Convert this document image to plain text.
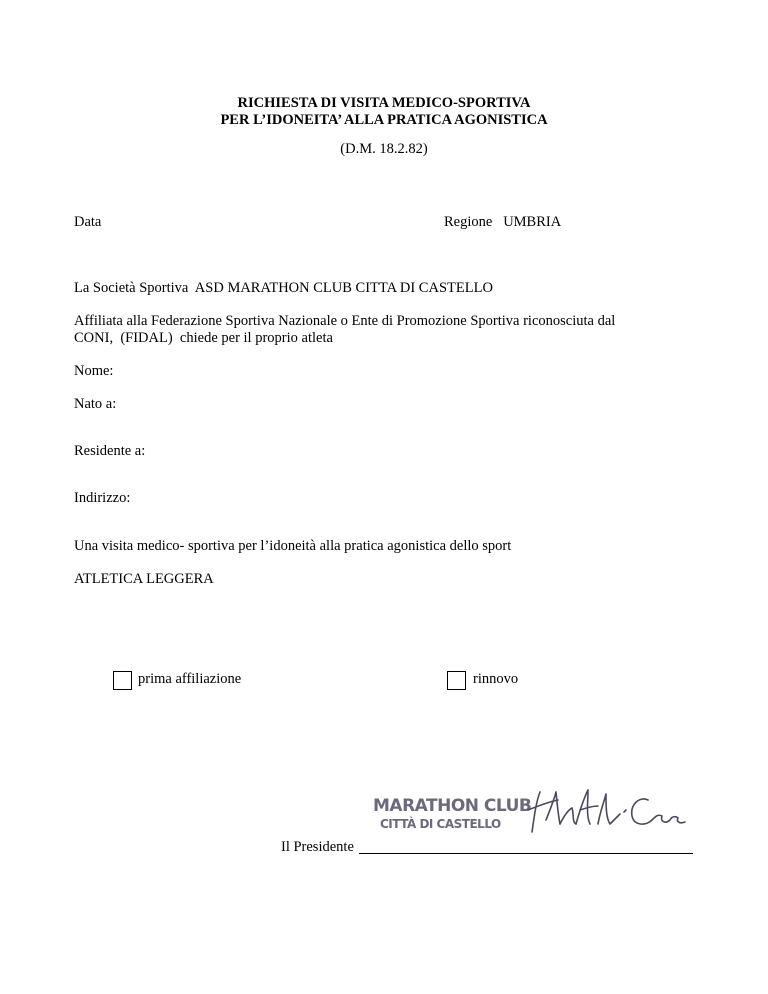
RICHIESTA DI VISITA MEDICO-SPORTIVA
PER L’IDONEITA’ ALLA PRATICA AGONISTICA
(D.M. 18.2.82)
Data	Regione   UMBRIA
La Società Sportiva  ASD MARATHON CLUB CITTA DI CASTELLO
Affiliata alla Federazione Sportiva Nazionale o Ente di Promozione Sportiva riconosciuta dal
CONI,  (FIDAL)  chiede per il proprio atleta
Nome:
Nato a:
Residente a:
Indirizzo:
Una visita medico- sportiva per l’idoneità alla pratica agonistica dello sport
ATLETICA LEGGERA
prima affiliazione	rinnovo
MARATHON CLUB
CITTÀ DI CASTELLO
Il Presidente
